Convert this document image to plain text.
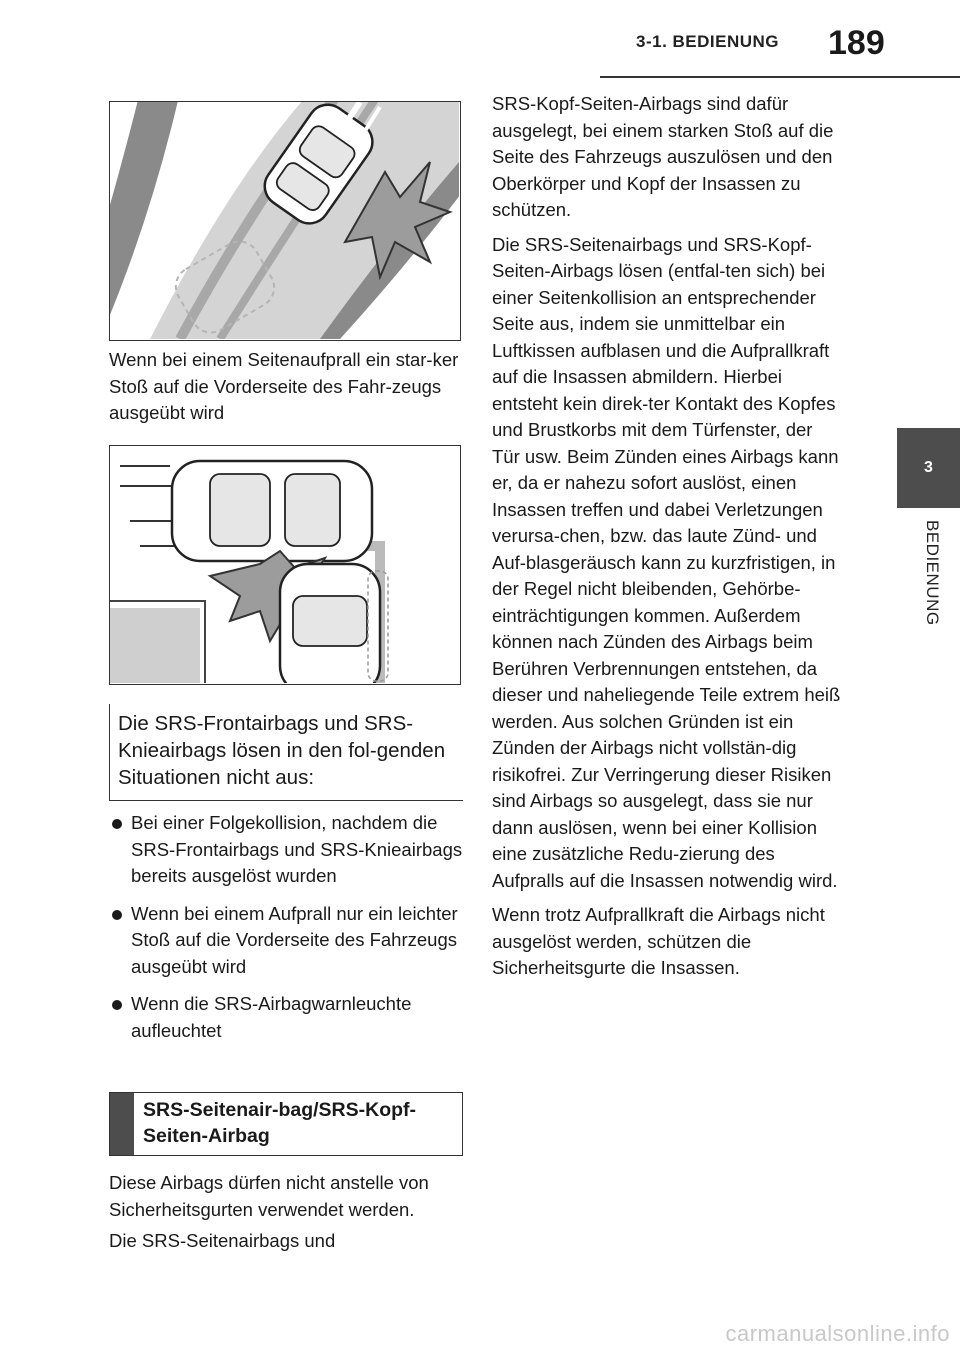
3-1. BEDIENUNG 189
3
BEDIENUNG
Wenn bei einem Seitenaufprall ein star-ker Stoß auf die Vorderseite des Fahr-zeugs ausgeübt wird
Die SRS-Frontairbags und SRS-Knieairbags lösen in den fol-genden Situationen nicht aus:
Bei einer Folgekollision, nachdem die SRS-Frontairbags und SRS-Knieairbags bereits ausgelöst wurden
Wenn bei einem Aufprall nur ein leichter Stoß auf die Vorderseite des Fahrzeugs ausgeübt wird
Wenn die SRS-Airbagwarnleuchte aufleuchtet
SRS-Seitenair-bag/SRS-Kopf-Seiten-Airbag
Diese Airbags dürfen nicht anstelle von Sicherheitsgurten verwendet werden.
Die SRS-Seitenairbags und

SRS-Kopf-Seiten-Airbags sind dafür ausgelegt, bei einem starken Stoß auf die Seite des Fahrzeugs auszulösen und den Oberkörper und Kopf der Insassen zu schützen.

Die SRS-Seitenairbags und SRS-Kopf-Seiten-Airbags lösen (entfal-ten sich) bei einer Seitenkollision an entsprechender Seite aus, indem sie unmittelbar ein Luftkissen aufblasen und die Aufprallkraft auf die Insassen abmildern. Hierbei entsteht kein direk-ter Kontakt des Kopfes und Brustkorbs mit dem Türfenster, der Tür usw. Beim Zünden eines Airbags kann er, da er nahezu sofort auslöst, einen Insassen treffen und dabei Verletzungen verursa-chen, bzw. das laute Zünd- und Auf-blasgeräusch kann zu kurzfristigen, in der Regel nicht bleibenden, Gehörbe-einträchtigungen kommen. Außerdem können nach Zünden des Airbags beim Berühren Verbrennungen entstehen, da dieser und naheliegende Teile extrem heiß werden. Aus solchen Gründen ist ein Zünden der Airbags nicht vollstän-dig risikofrei. Zur Verringerung dieser Risiken sind Airbags so ausgelegt, dass sie nur dann auslösen, wenn bei einer Kollision eine zusätzliche Redu-zierung des Aufpralls auf die Insassen notwendig wird.

Wenn trotz Aufprallkraft die Airbags nicht ausgelöst werden, schützen die Sicherheitsgurte die Insassen.

carmanualsonline.info
